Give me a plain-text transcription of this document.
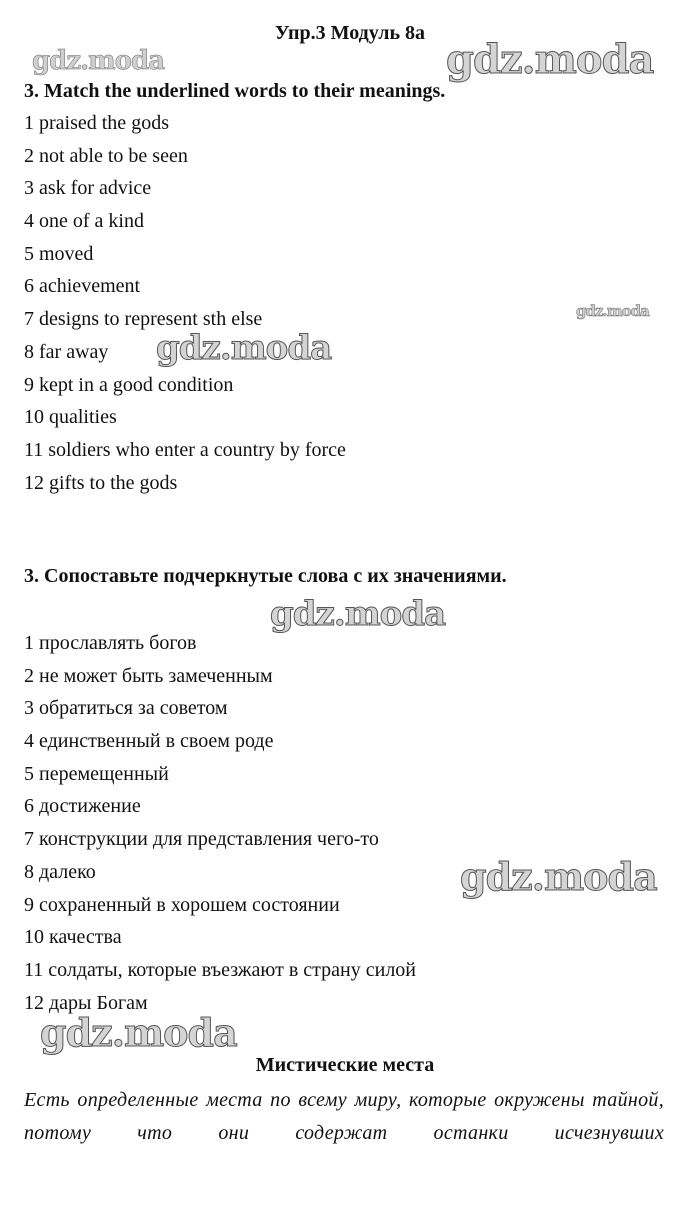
Упр.3 Модуль 8а
3. Match the underlined words to their meanings.
1 praised the gods
2 not able to be seen
3 ask for advice
4 one of a kind
5 moved
6 achievement
7 designs to represent sth else
8 far away
9 kept in a good condition
10 qualities
11 soldiers who enter a country by force
12 gifts to the gods
3. Сопоставьте подчеркнутые слова с их значениями.
1 прославлять богов
2 не может быть замеченным
3 обратиться за советом
4 единственный в своем роде
5 перемещенный
6 достижение
7 конструкции для представления чего-то
8 далеко
9 сохраненный в хорошем состоянии
10 качества
11 солдаты, которые въезжают в страну силой
12 дары Богам
Мистические места

Есть определенные места по всему миру, которые окружены тайной, потому что они содержат останки исчезнувших

gdz.moda	gdz.moda
gdz.moda
gdz.moda
gdz.moda
gdz.moda
gdz.moda
